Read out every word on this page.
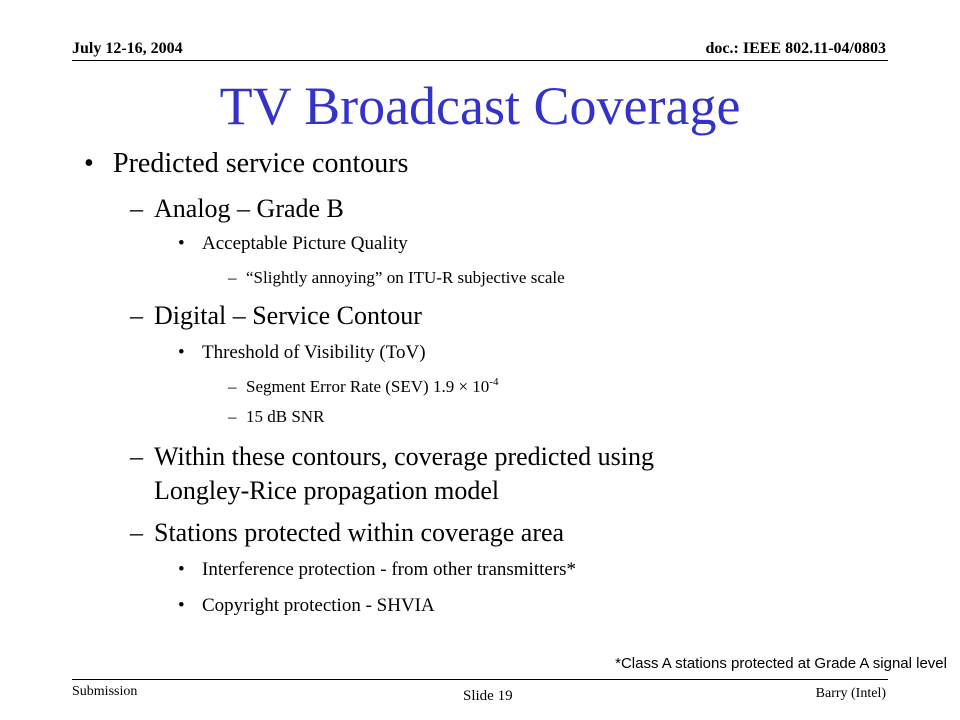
July 12-16, 2004	doc.: IEEE 802.11-04/0803
TV Broadcast Coverage
• Predicted service contours
– Analog – Grade B
• Acceptable Picture Quality
– “Slightly annoying” on ITU-R subjective scale
– Digital – Service Contour
• Threshold of Visibility (ToV)
– Segment Error Rate (SEV) $1.9 \times 10^{-4}$
– 15 dB SNR
– Within these contours, coverage predicted using
Longley-Rice propagation model
– Stations protected within coverage area
• Interference protection - from other transmitters*
• Copyright protection - SHVIA
*Class A stations protected at Grade A signal level
Submission	Slide 19	Barry (Intel)
